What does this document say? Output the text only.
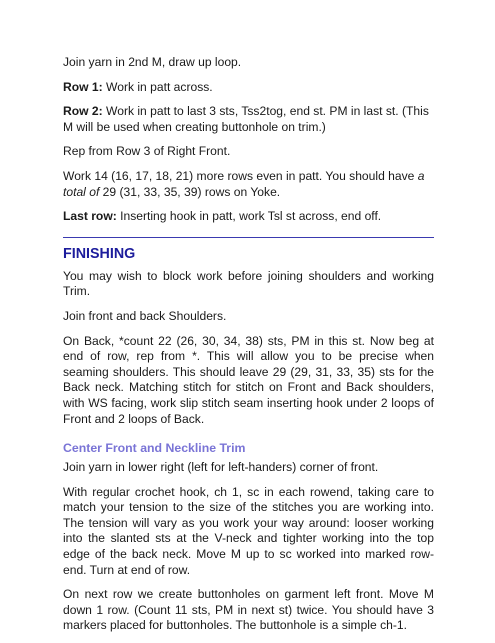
Join yarn in 2nd M, draw up loop.

Row 1: Work in patt across.

Row 2: Work in patt to last 3 sts, Tss2tog, end st. PM in last st. (This M will be used when creating buttonhole on trim.)

Rep from Row 3 of Right Front.

Work 14 (16, 17, 18, 21) more rows even in patt. You should have a total of 29 (31, 33, 35, 39) rows on Yoke.

Last row: Inserting hook in patt, work Tsl st across, end off.

FINISHING

You may wish to block work before joining shoulders and working Trim.

Join front and back Shoulders.

On Back, *count 22 (26, 30, 34, 38) sts, PM in this st. Now beg at end of row, rep from *. This will allow you to be precise when seaming shoulders. This should leave 29 (29, 31, 33, 35) sts for the Back neck. Matching stitch for stitch on Front and Back shoulders, with WS facing, work slip stitch seam inserting hook under 2 loops of Front and 2 loops of Back.

Center Front and Neckline Trim

Join yarn in lower right (left for left-handers) corner of front.

With regular crochet hook, ch 1, sc in each rowend, taking care to match your tension to the size of the stitches you are working into. The tension will vary as you work your way around: looser working into the slanted sts at the V-neck and tighter working into the top edge of the back neck. Move M up to sc worked into marked row-end. Turn at end of row.

On next row we create buttonholes on garment left front. Move M down 1 row. (Count 11 sts, PM in next st) twice. You should have 3 markers placed for buttonholes. The buttonhole is a simple ch-1.
